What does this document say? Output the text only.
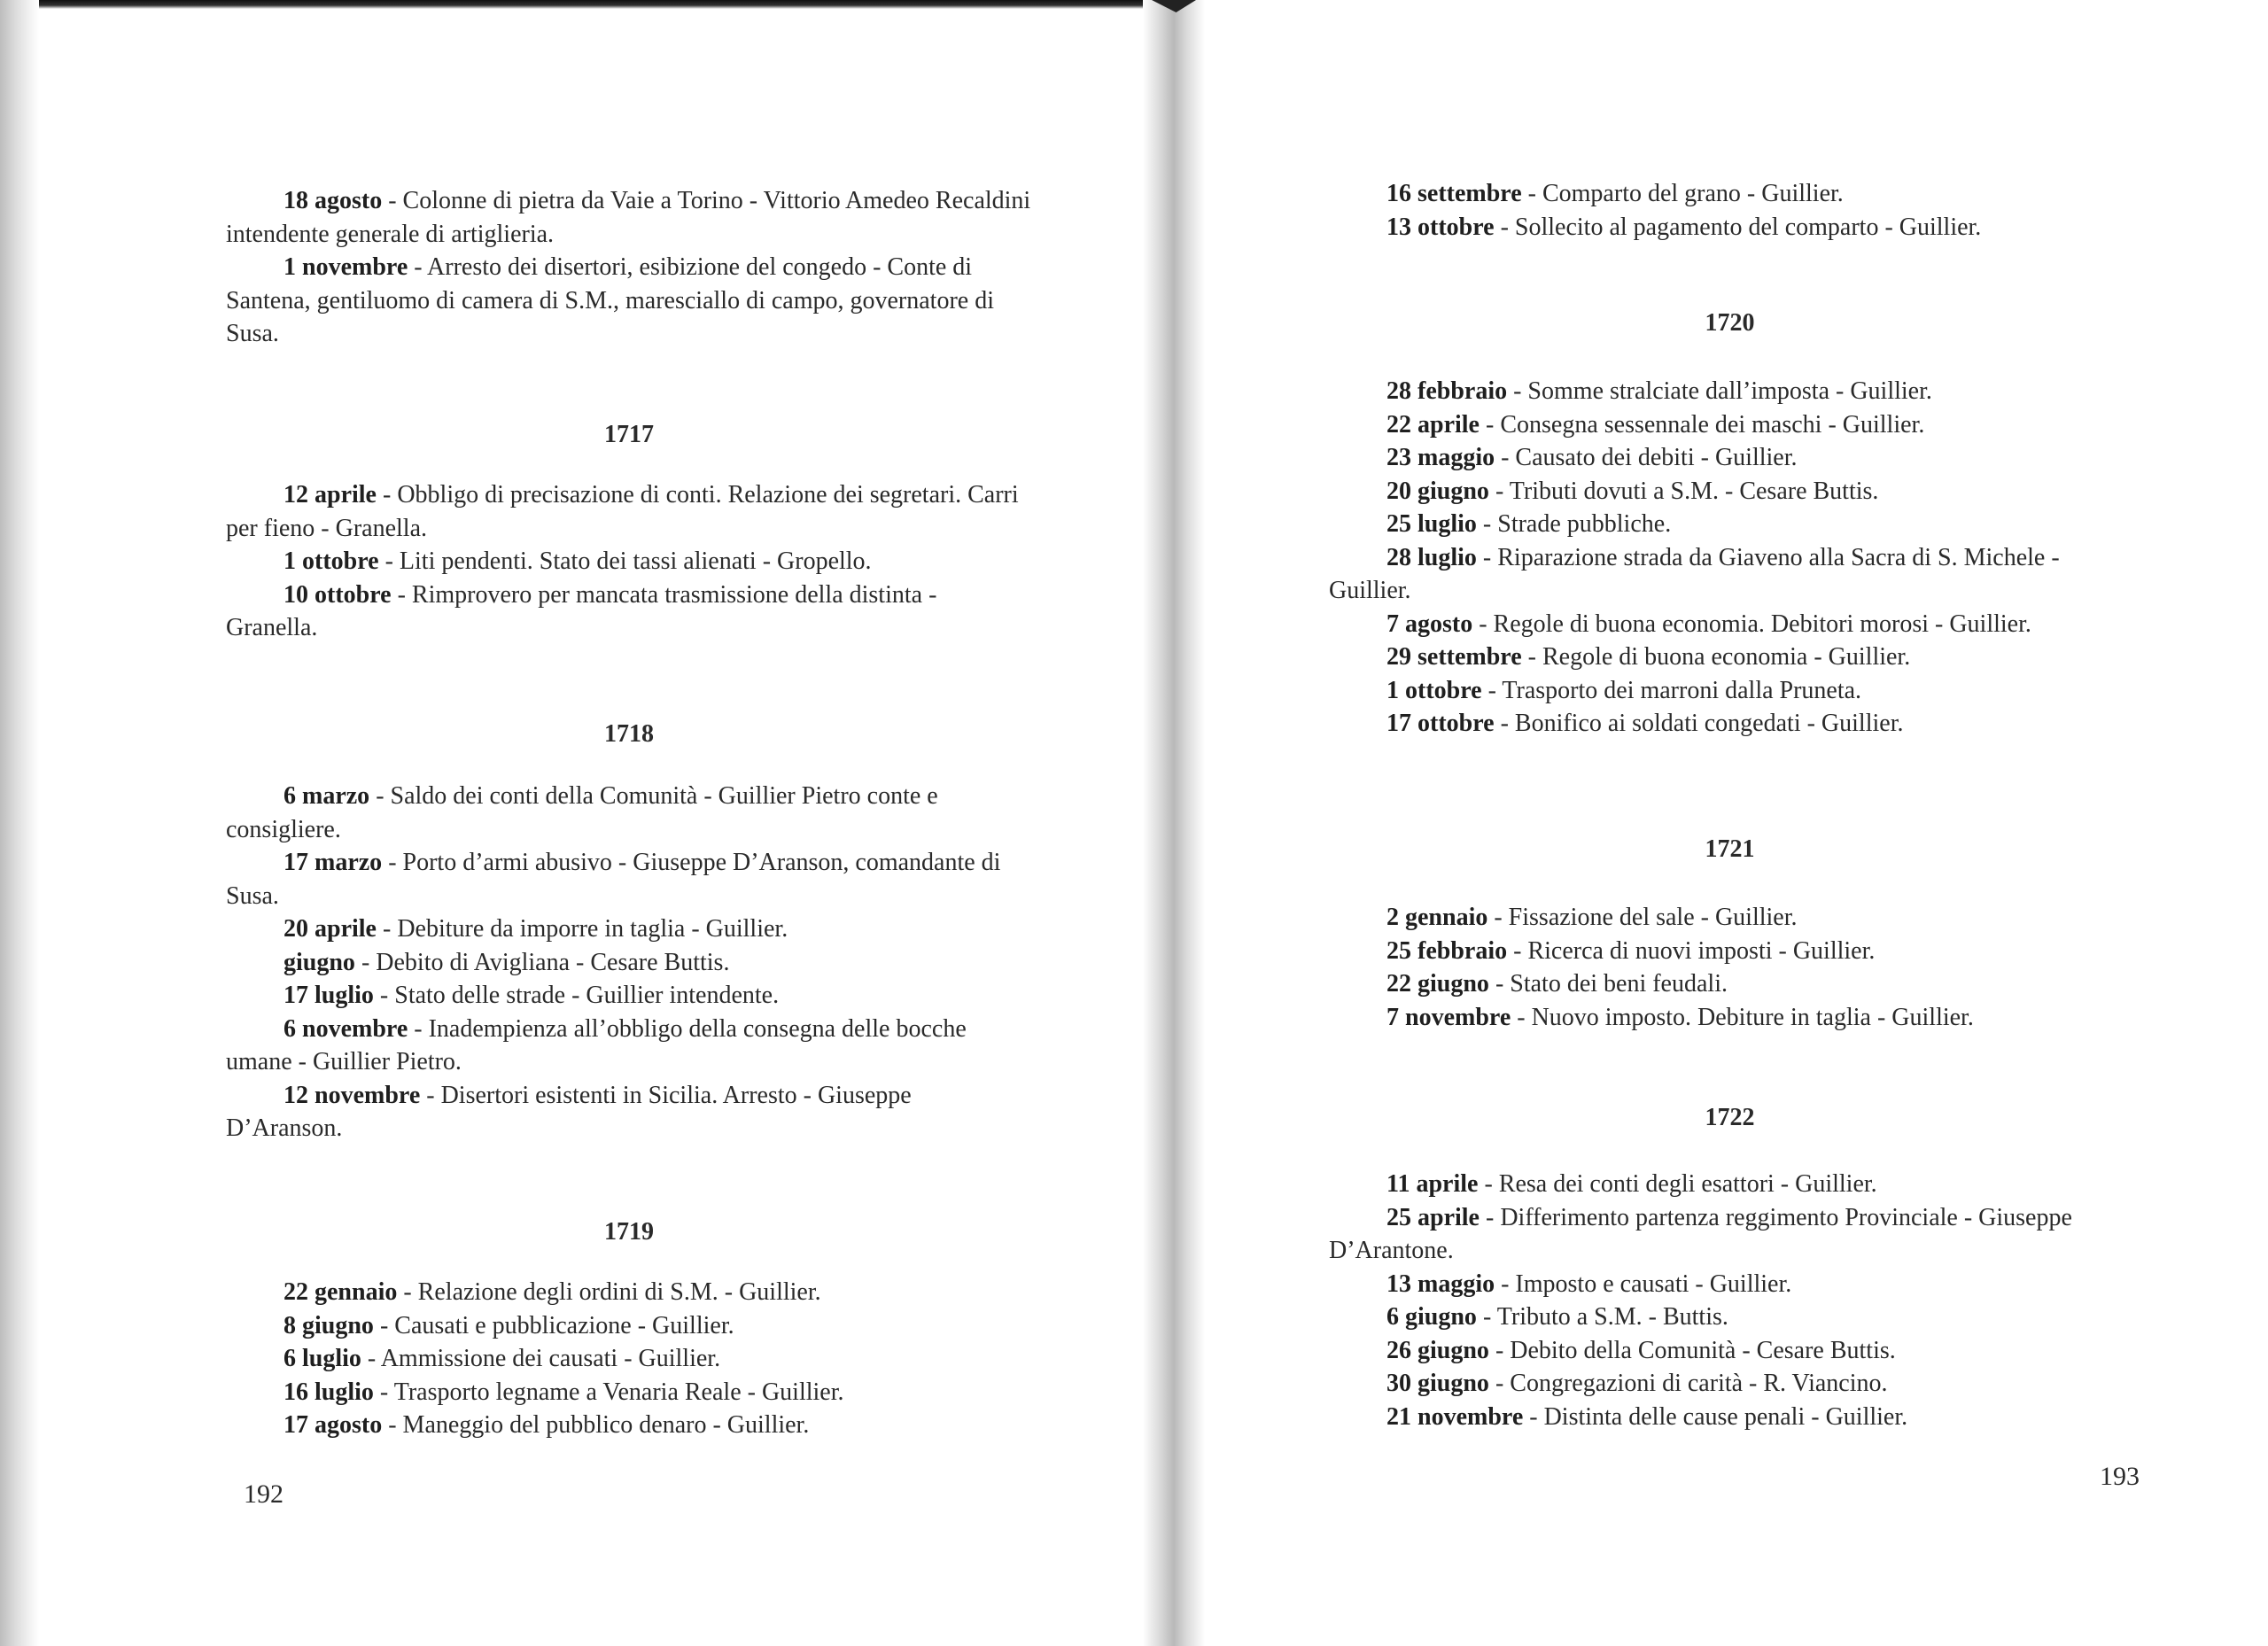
18 agosto - Colonne di pietra da Vaie a Torino - Vittorio Amedeo Recaldini intendente generale di artiglieria.

1 novembre - Arresto dei disertori, esibizione del congedo - Conte di Santena, gentiluomo di camera di S.M., maresciallo di campo, governatore di Susa.

1717

12 aprile - Obbligo di precisazione di conti. Relazione dei segretari. Carri per fieno - Granella.

1 ottobre - Liti pendenti. Stato dei tassi alienati - Gropello.

10 ottobre - Rimprovero per mancata trasmissione della distinta - Granella.

1718

6 marzo - Saldo dei conti della Comunità - Guillier Pietro conte e consigliere.

17 marzo - Porto d’armi abusivo - Giuseppe D’Aranson, comandante di Susa.

20 aprile - Debiture da imporre in taglia - Guillier.

giugno - Debito di Avigliana - Cesare Buttis.

17 luglio - Stato delle strade - Guillier intendente.

6 novembre - Inadempienza all’obbligo della consegna delle bocche umane - Guillier Pietro.

12 novembre - Disertori esistenti in Sicilia. Arresto - Giuseppe D’Aranson.

1719

22 gennaio - Relazione degli ordini di S.M. - Guillier.

8 giugno - Causati e pubblicazione - Guillier.

6 luglio - Ammissione dei causati - Guillier.

16 luglio - Trasporto legname a Venaria Reale - Guillier.

17 agosto - Maneggio del pubblico denaro - Guillier.

192

16 settembre - Comparto del grano - Guillier.

13 ottobre - Sollecito al pagamento del comparto - Guillier.

1720

28 febbraio - Somme stralciate dall’imposta - Guillier.

22 aprile - Consegna sessennale dei maschi - Guillier.

23 maggio - Causato dei debiti - Guillier.

20 giugno - Tributi dovuti a S.M. - Cesare Buttis.

25 luglio - Strade pubbliche.

28 luglio - Riparazione strada da Giaveno alla Sacra di S. Michele - Guillier.

7 agosto - Regole di buona economia. Debitori morosi - Guillier.

29 settembre - Regole di buona economia - Guillier.

1 ottobre - Trasporto dei marroni dalla Pruneta.

17 ottobre - Bonifico ai soldati congedati - Guillier.

1721

2 gennaio - Fissazione del sale - Guillier.

25 febbraio - Ricerca di nuovi imposti - Guillier.

22 giugno - Stato dei beni feudali.

7 novembre - Nuovo imposto. Debiture in taglia - Guillier.

1722

11 aprile - Resa dei conti degli esattori - Guillier.

25 aprile - Differimento partenza reggimento Provinciale - Giuseppe D’Arantone.

13 maggio - Imposto e causati - Guillier.

6 giugno - Tributo a S.M. - Buttis.

26 giugno - Debito della Comunità - Cesare Buttis.

30 giugno - Congregazioni di carità - R. Viancino.

21 novembre - Distinta delle cause penali - Guillier.

193
